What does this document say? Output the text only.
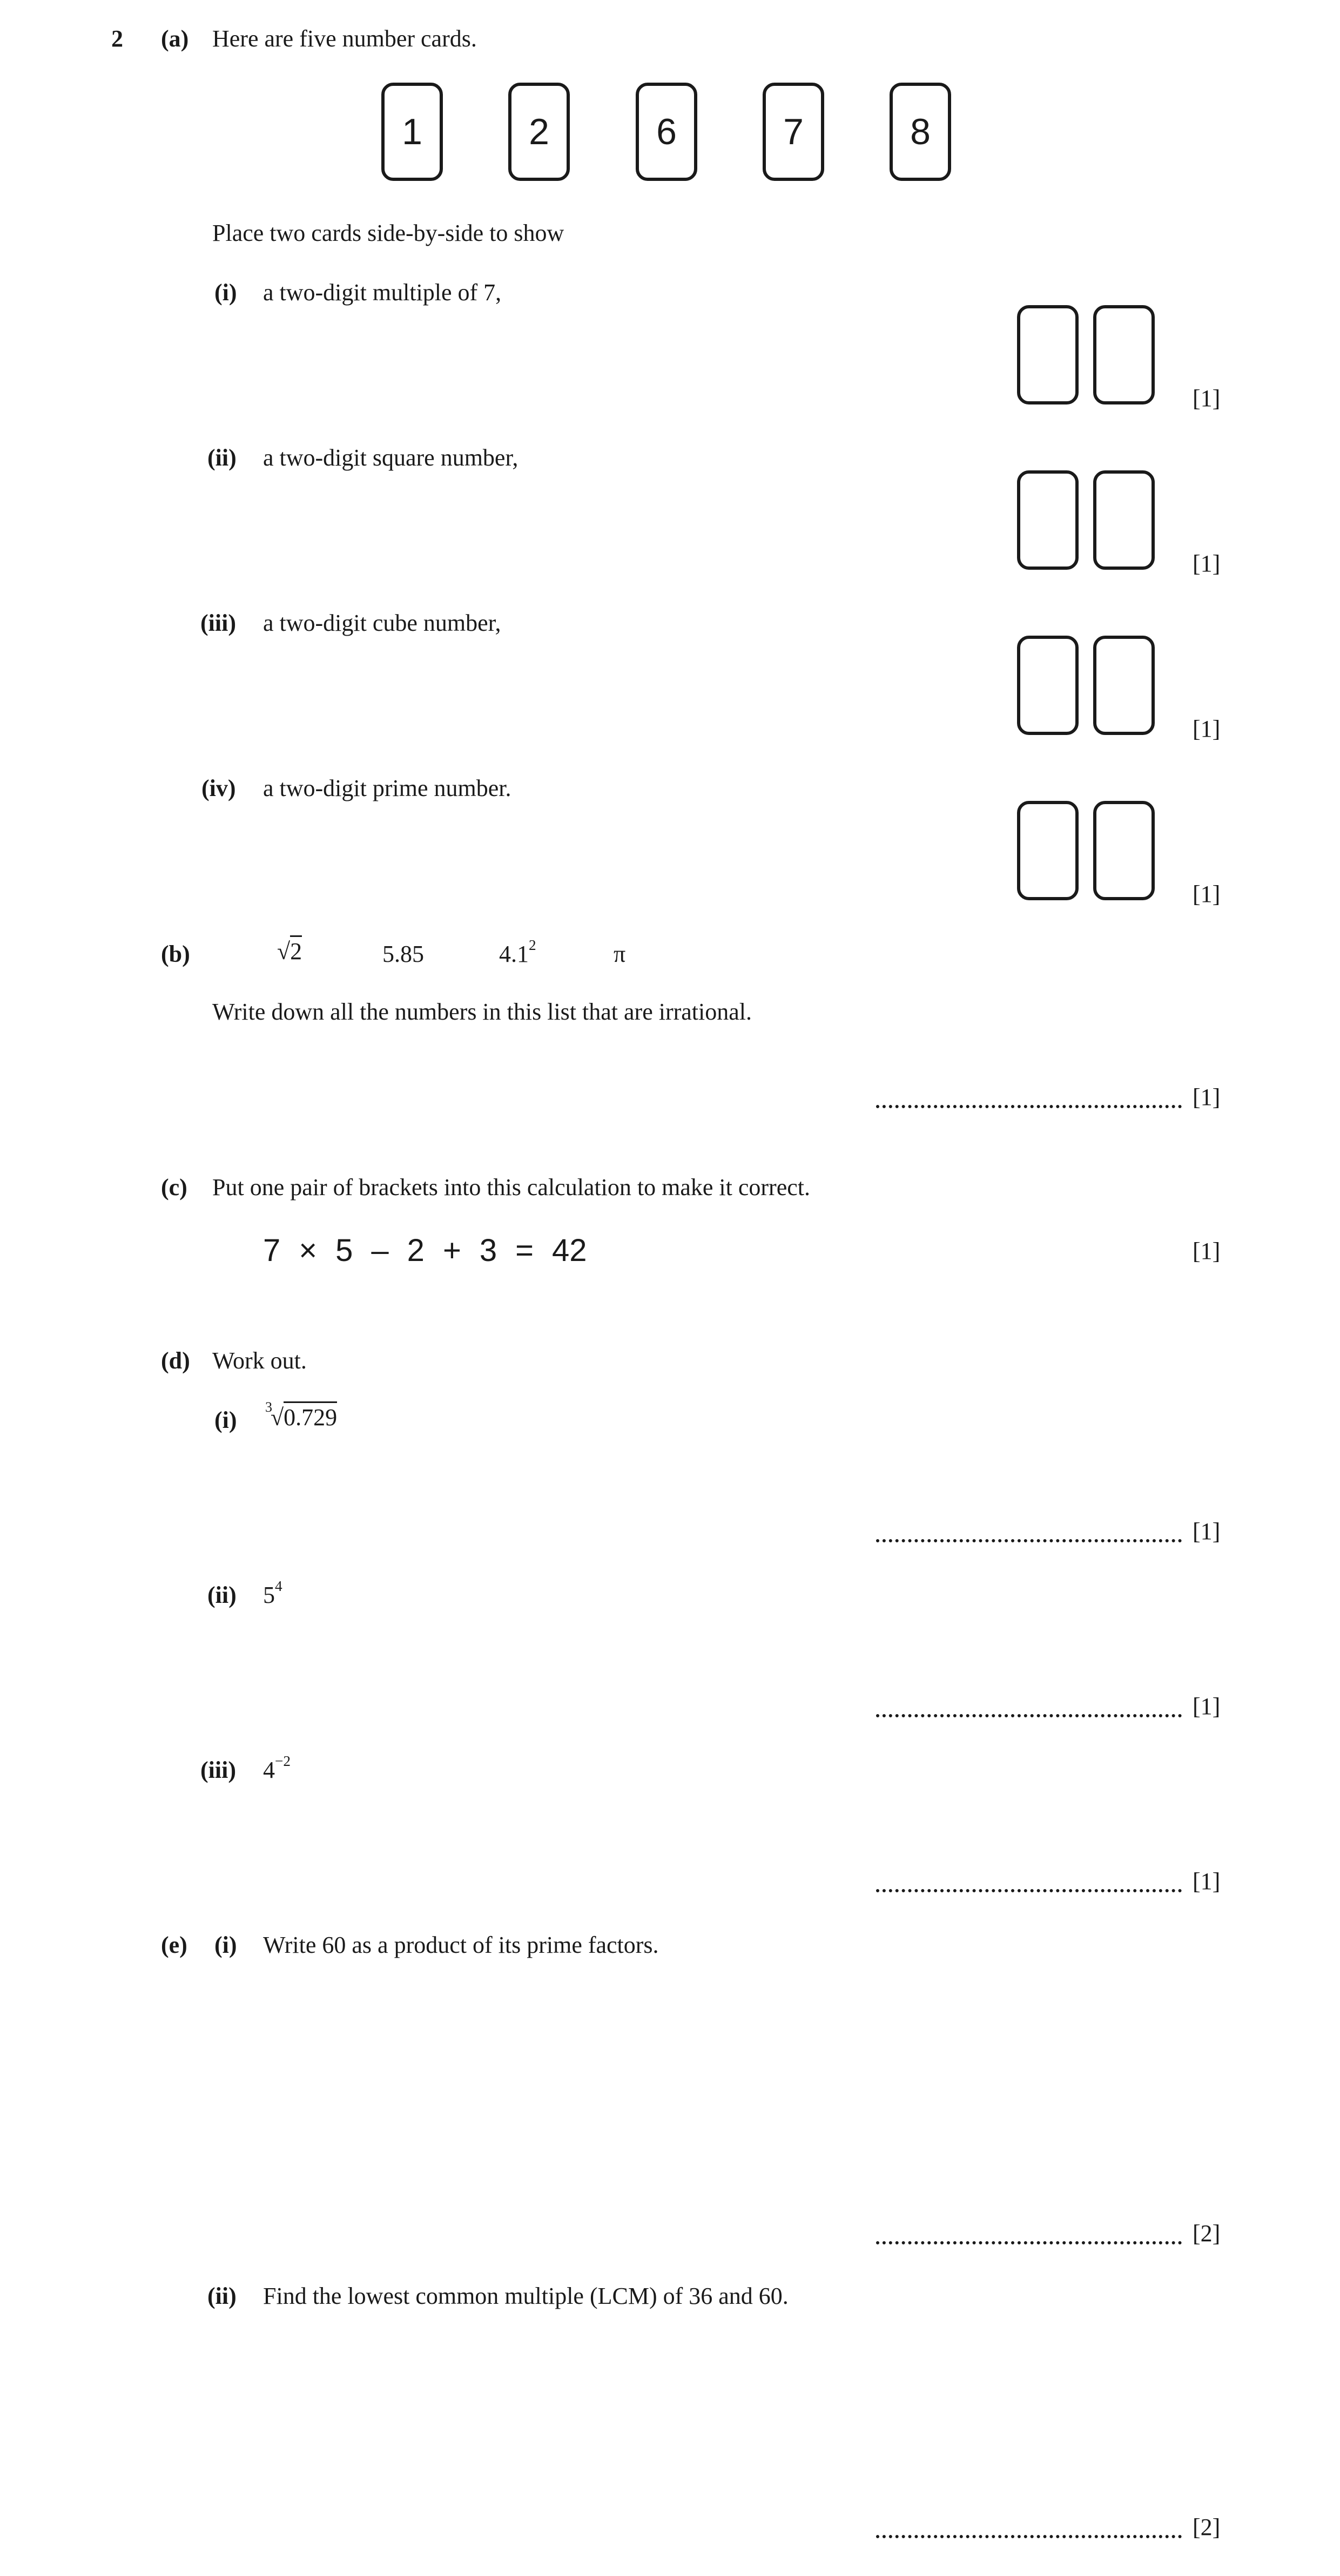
2 (a) Here are five number cards.
1	2	6	7	8
Place two cards side-by-side to show
(i) a two-digit multiple of 7,
[1]
(ii) a two-digit square number,
[1]
(iii) a two-digit cube number,
[1]
(iv) a two-digit prime number.
[1]
(b)	√2	5.85	$4.1^2$	π
Write down all the numbers in this list that are irrational.
[1]
(c) Put one pair of brackets into this calculation to make it correct.
7 × 5 – 2 + 3 = 42	[1]
(d) Work out.
(i) 3
√0.729
[1]
(ii) $5^4$
[1]
(iii) $4^{-2}$
[1]
(e) (i) Write 60 as a product of its prime factors.
[2]
(ii) Find the lowest common multiple (LCM) of 36 and 60.
[2]
